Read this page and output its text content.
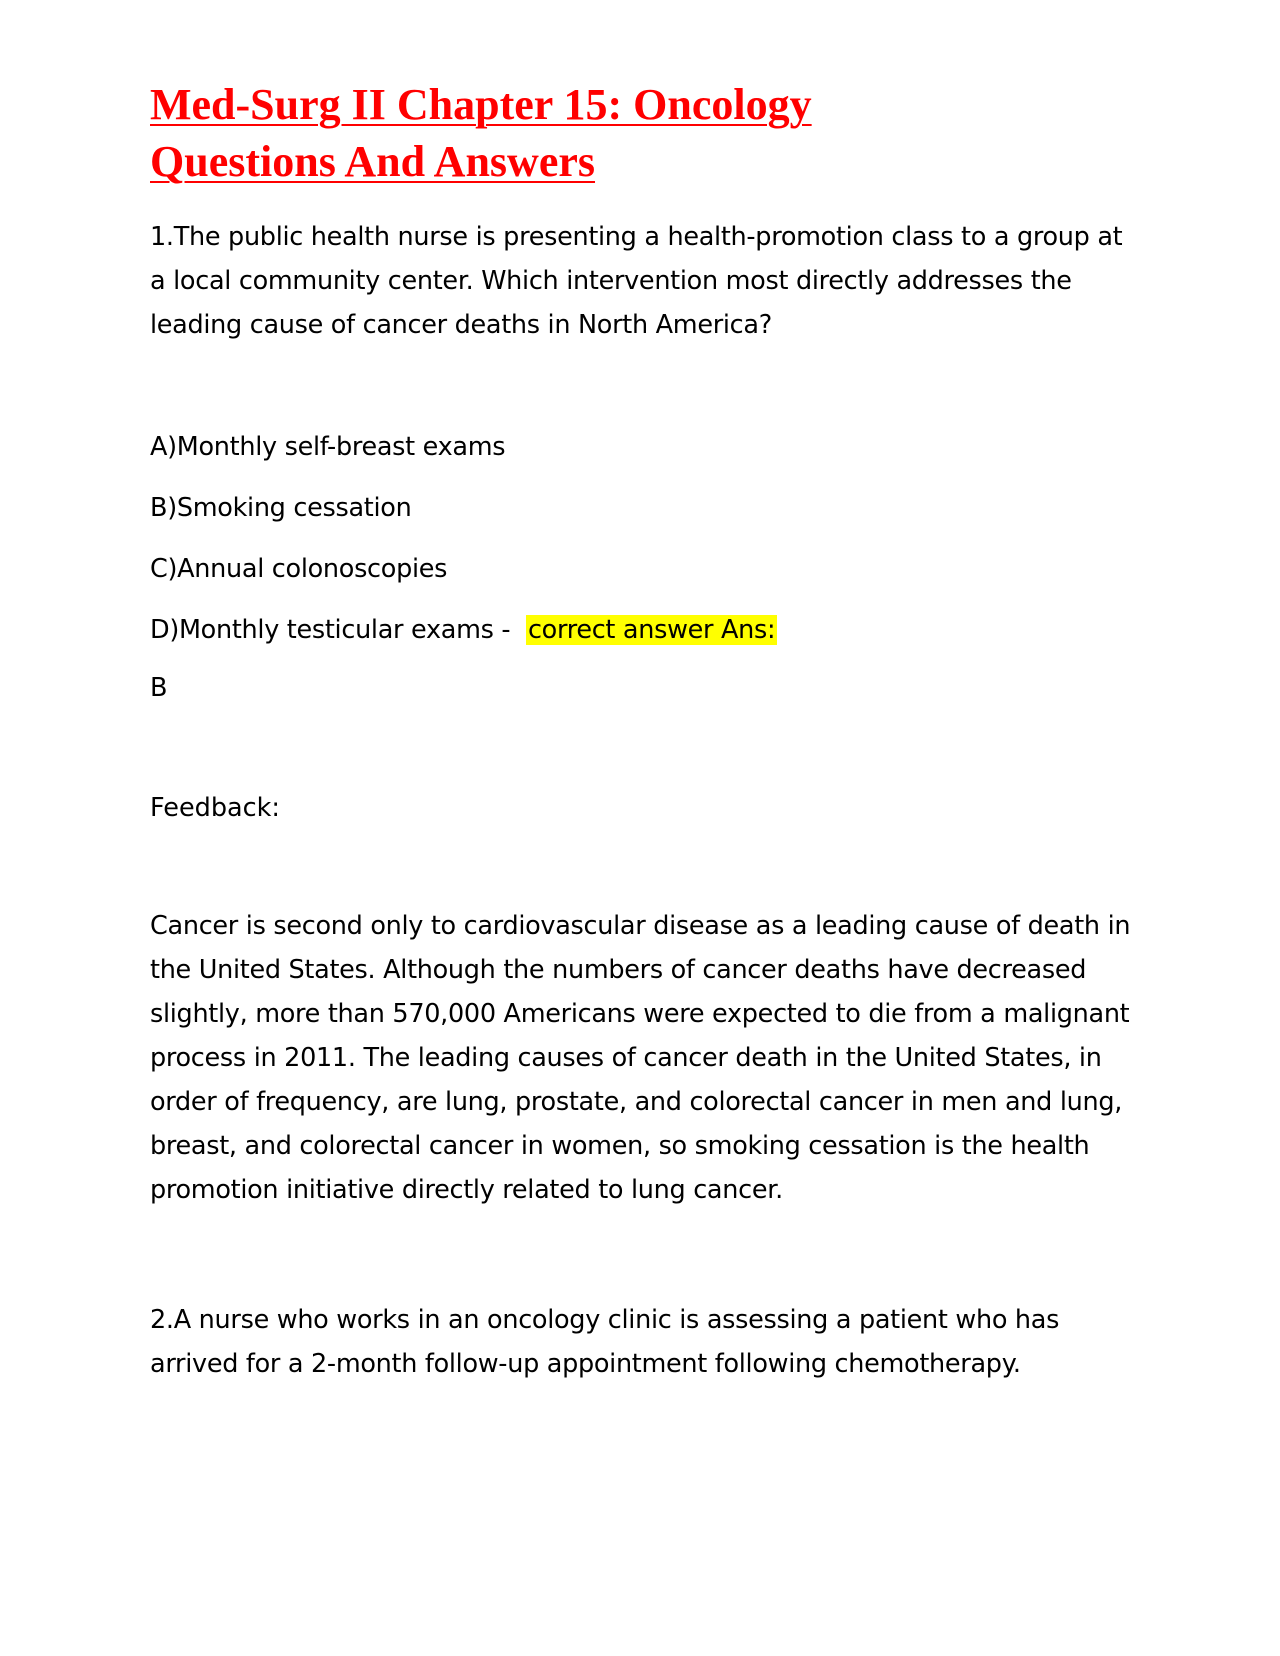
Med-Surg II Chapter 15: Oncology
Questions And Answers

1.The public health nurse is presenting a health-promotion class to a group at a local community center. Which intervention most directly addresses the leading cause of cancer deaths in North America?

A)Monthly self-breast exams

B)Smoking cessation

C)Annual colonoscopies

D)Monthly testicular exams -  correct answer Ans:

B

Feedback:

Cancer is second only to cardiovascular disease as a leading cause of death in the United States. Although the numbers of cancer deaths have decreased slightly, more than 570,000 Americans were expected to die from a malignant process in 2011. The leading causes of cancer death in the United States, in order of frequency, are lung, prostate, and colorectal cancer in men and lung, breast, and colorectal cancer in women, so smoking cessation is the health promotion initiative directly related to lung cancer.

2.A nurse who works in an oncology clinic is assessing a patient who has arrived for a 2-month follow-up appointment following chemotherapy.
